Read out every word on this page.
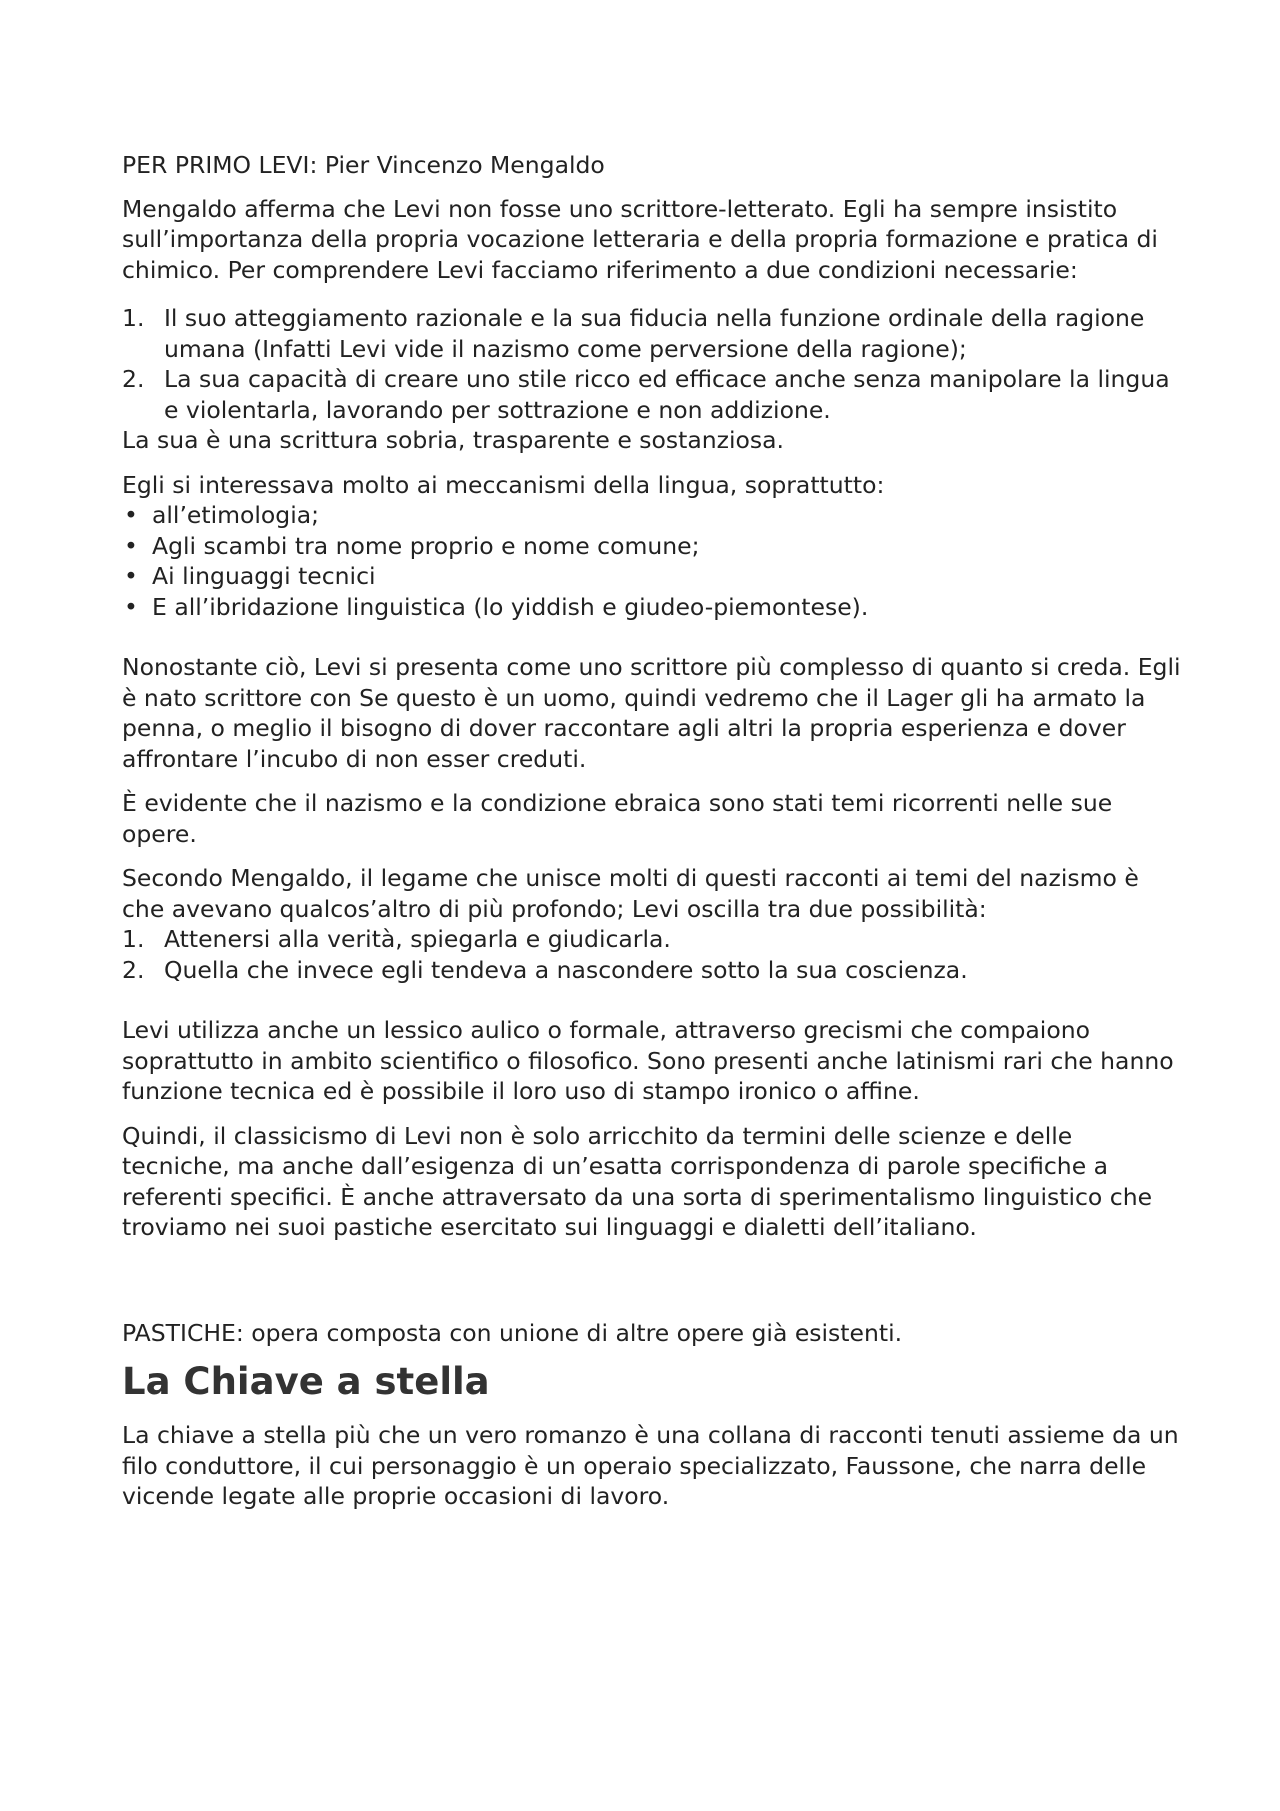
PER PRIMO LEVI: Pier Vincenzo Mengaldo

Mengaldo afferma che Levi non fosse uno scrittore-letterato. Egli ha sempre insistito sull’importanza della propria vocazione letteraria e della propria formazione e pratica di chimico. Per comprendere Levi facciamo riferimento a due condizioni necessarie:

1. Il suo atteggiamento razionale e la sua fiducia nella funzione ordinale della ragione umana (Infatti Levi vide il nazismo come perversione della ragione);
2. La sua capacità di creare uno stile ricco ed efficace anche senza manipolare la lingua e violentarla, lavorando per sottrazione e non addizione.

La sua è una scrittura sobria, trasparente e sostanziosa.

Egli si interessava molto ai meccanismi della lingua, soprattutto:

• all’etimologia;
• Agli scambi tra nome proprio e nome comune;
• Ai linguaggi tecnici
• E all’ibridazione linguistica (lo yiddish e giudeo-piemontese).

Nonostante ciò, Levi si presenta come uno scrittore più complesso di quanto si creda. Egli è nato scrittore con Se questo è un uomo, quindi vedremo che il Lager gli ha armato la penna, o meglio il bisogno di dover raccontare agli altri la propria esperienza e dover affrontare l’incubo di non esser creduti.

È evidente che il nazismo e la condizione ebraica sono stati temi ricorrenti nelle sue opere.

Secondo Mengaldo, il legame che unisce molti di questi racconti ai temi del nazismo è che avevano qualcos’altro di più profondo; Levi oscilla tra due possibilità:

1. Attenersi alla verità, spiegarla e giudicarla.
2. Quella che invece egli tendeva a nascondere sotto la sua coscienza.

Levi utilizza anche un lessico aulico o formale, attraverso grecismi che compaiono soprattutto in ambito scientifico o filosofico. Sono presenti anche latinismi rari che hanno funzione tecnica ed è possibile il loro uso di stampo ironico o affine.

Quindi, il classicismo di Levi non è solo arricchito da termini delle scienze e delle tecniche, ma anche dall’esigenza di un’esatta corrispondenza di parole specifiche a referenti specifici. È anche attraversato da una sorta di sperimentalismo linguistico che troviamo nei suoi pastiche esercitato sui linguaggi e dialetti dell’italiano.

PASTICHE: opera composta con unione di altre opere già esistenti.

La Chiave a stella

La chiave a stella più che un vero romanzo è una collana di racconti tenuti assieme da un filo conduttore, il cui personaggio è un operaio specializzato, Faussone, che narra delle vicende legate alle proprie occasioni di lavoro.
